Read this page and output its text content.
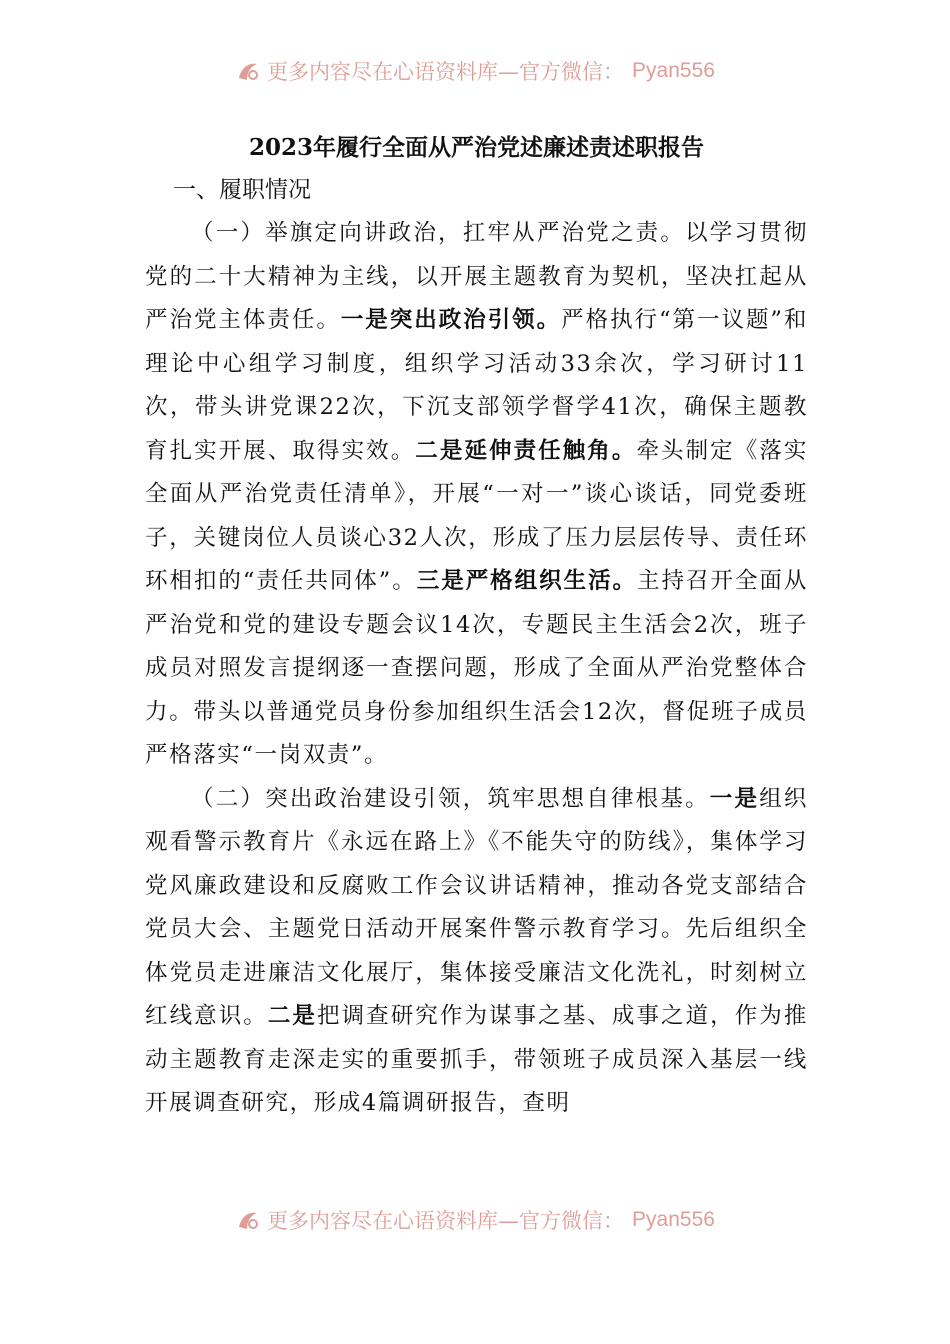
更多内容尽在心语资料库—官方微信： Pyan556
2023年履行全面从严治党述廉述责述职报告

一、履职情况

（一）举旗定向讲政治，扛牢从严治党之责。以学习贯彻党的二十大精神为主线，以开展主题教育为契机，坚决扛起从严治党主体责任。一是突出政治引领。严格执行“第一议题”和理论中心组学习制度，组织学习活动33余次，学习研讨11次，带头讲党课22次，下沉支部领学督学41次，确保主题教育扎实开展、取得实效。二是延伸责任触角。牵头制定《落实全面从严治党责任清单》，开展“一对一”谈心谈话，同党委班子，关键岗位人员谈心32人次，形成了压力层层传导、责任环环相扣的“责任共同体”。三是严格组织生活。主持召开全面从严治党和党的建设专题会议14次，专题民主生活会2次，班子成员对照发言提纲逐一查摆问题，形成了全面从严治党整体合力。带头以普通党员身份参加组织生活会12次，督促班子成员严格落实“一岗双责”。

（二）突出政治建设引领，筑牢思想自律根基。一是组织观看警示教育片《永远在路上》《不能失守的防线》，集体学习党风廉政建设和反腐败工作会议讲话精神，推动各党支部结合党员大会、主题党日活动开展案件警示教育学习。先后组织全体党员走进廉洁文化展厅，集体接受廉洁文化洗礼，时刻树立红线意识。二是把调查研究作为谋事之基、成事之道，作为推动主题教育走深走实的重要抓手，带领班子成员深入基层一线开展调查研究，形成4篇调研报告，查明

更多内容尽在心语资料库—官方微信： Pyan556
